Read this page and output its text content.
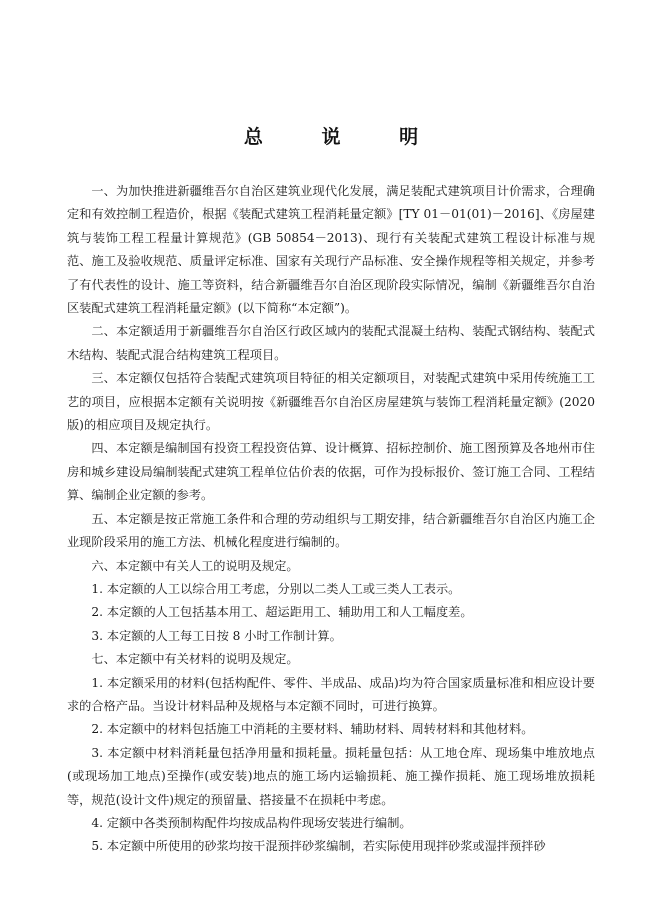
总 说 明

一、为加快推进新疆维吾尔自治区建筑业现代化发展，满足装配式建筑项目计价需求，合理确定和有效控制工程造价，根据《装配式建筑工程消耗量定额》[TY 01－01(01)－2016]、《房屋建筑与装饰工程工程量计算规范》(GB 50854－2013)、现行有关装配式建筑工程设计标准与规范、施工及验收规范、质量评定标准、国家有关现行产品标准、安全操作规程等相关规定，并参考了有代表性的设计、施工等资料，结合新疆维吾尔自治区现阶段实际情况，编制《新疆维吾尔自治区装配式建筑工程消耗量定额》(以下简称“本定额”)。

二、本定额适用于新疆维吾尔自治区行政区域内的装配式混凝土结构、装配式钢结构、装配式木结构、装配式混合结构建筑工程项目。

三、本定额仅包括符合装配式建筑项目特征的相关定额项目，对装配式建筑中采用传统施工工艺的项目，应根据本定额有关说明按《新疆维吾尔自治区房屋建筑与装饰工程消耗量定额》(2020 版)的相应项目及规定执行。

四、本定额是编制国有投资工程投资估算、设计概算、招标控制价、施工图预算及各地州市住房和城乡建设局编制装配式建筑工程单位估价表的依据，可作为投标报价、签订施工合同、工程结算、编制企业定额的参考。

五、本定额是按正常施工条件和合理的劳动组织与工期安排，结合新疆维吾尔自治区内施工企业现阶段采用的施工方法、机械化程度进行编制的。

六、本定额中有关人工的说明及规定。

1. 本定额的人工以综合用工考虑，分别以二类人工或三类人工表示。

2. 本定额的人工包括基本用工、超运距用工、辅助用工和人工幅度差。

3. 本定额的人工每工日按 8 小时工作制计算。

七、本定额中有关材料的说明及规定。

1. 本定额采用的材料(包括构配件、零件、半成品、成品)均为符合国家质量标准和相应设计要求的合格产品。当设计材料品种及规格与本定额不同时，可进行换算。

2. 本定额中的材料包括施工中消耗的主要材料、辅助材料、周转材料和其他材料。

3. 本定额中材料消耗量包括净用量和损耗量。损耗量包括：从工地仓库、现场集中堆放地点(或现场加工地点)至操作(或安装)地点的施工场内运输损耗、施工操作损耗、施工现场堆放损耗等，规范(设计文件)规定的预留量、搭接量不在损耗中考虑。

4. 定额中各类预制构配件均按成品构件现场安装进行编制。

5. 本定额中所使用的砂浆均按干混预拌砂浆编制，若实际使用现拌砂浆或湿拌预拌砂
